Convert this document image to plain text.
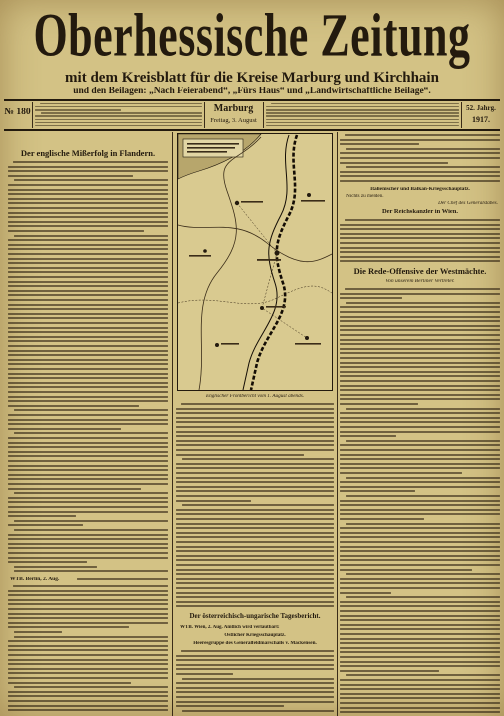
Oberhessische Zeitung
mit dem Kreisblatt für die Kreise Marburg und Kirchhain
und den Beilagen: „Nach Feierabend“, „Fürs Haus“ und „Landwirtschaftliche Beilage“.
№ 180	Marburg
Freitag, 3. August
52. Jahrg.
1917.
Der englische Mißerfolg in Flandern.
WTB. Berlin, 2. Aug.
Englischer Frontbericht vom 1. August abends.
Der österreichisch-ungarische Tagesbericht.
WTB. Wien, 2. Aug. Amtlich wird verlautbart:
Östlicher Kriegsschauplatz.
Heeresgruppe des Generalfeldmarschalls v. Mackensen.
Italienischer und Balkan-Kriegsschauplatz.
Nichts zu melden.
Der Chef des Generalstabes.
Der Reichskanzler in Wien.
Die Rede-Offensive der Westmächte.
Von unserem Berliner Vertreter.
